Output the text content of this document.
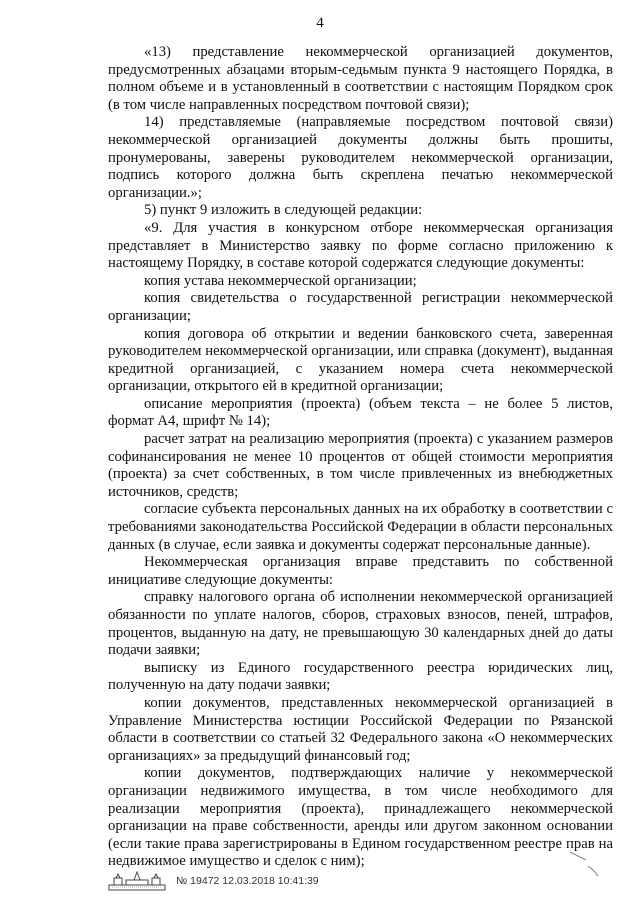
4

«13) представление некоммерческой организацией документов, предусмотренных абзацами вторым-седьмым пункта 9 настоящего Порядка, в полном объеме и в установленный в соответствии с настоящим Порядком срок (в том числе направленных посредством почтовой связи);

14) представляемые (направляемые посредством почтовой связи) некоммерческой организацией документы должны быть прошиты, пронумерованы, заверены руководителем некоммерческой организации, подпись которого должна быть скреплена печатью некоммерческой организации.»;

5) пункт 9 изложить в следующей редакции:

«9. Для участия в конкурсном отборе некоммерческая организация представляет в Министерство заявку по форме согласно приложению к настоящему Порядку, в составе которой содержатся следующие документы:

копия устава некоммерческой организации;

копия свидетельства о государственной регистрации некоммерческой организации;

копия договора об открытии и ведении банковского счета, заверенная руководителем некоммерческой организации, или справка (документ), выданная кредитной организацией, с указанием номера счета некоммерческой организации, открытого ей в кредитной организации;

описание мероприятия (проекта) (объем текста – не более 5 листов, формат А4, шрифт № 14);

расчет затрат на реализацию мероприятия (проекта) с указанием размеров софинансирования не менее 10 процентов от общей стоимости мероприятия (проекта) за счет собственных, в том числе привлеченных из внебюджетных источников, средств;

согласие субъекта персональных данных на их обработку в соответствии с требованиями законодательства Российской Федерации в области персональных данных (в случае, если заявка и документы содержат персональные данные).

Некоммерческая организация вправе представить по собственной инициативе следующие документы:

справку налогового органа об исполнении некоммерческой организацией обязанности по уплате налогов, сборов, страховых взносов, пеней, штрафов, процентов, выданную на дату, не превышающую 30 календарных дней до даты подачи заявки;

выписку из Единого государственного реестра юридических лиц, полученную на дату подачи заявки;

копии документов, представленных некоммерческой организацией в Управление Министерства юстиции Российской Федерации по Рязанской области в соответствии со статьей 32 Федерального закона «О некоммерческих организациях» за предыдущий финансовый год;

копии документов, подтверждающих наличие у некоммерческой организации недвижимого имущества, в том числе необходимого для реализации мероприятия (проекта), принадлежащего некоммерческой организации на праве собственности, аренды или другом законном основании (если такие права зарегистрированы в Едином государственном реестре прав на недвижимое имущество и сделок с ним);

№ 19472 12.03.2018 10:41:39
